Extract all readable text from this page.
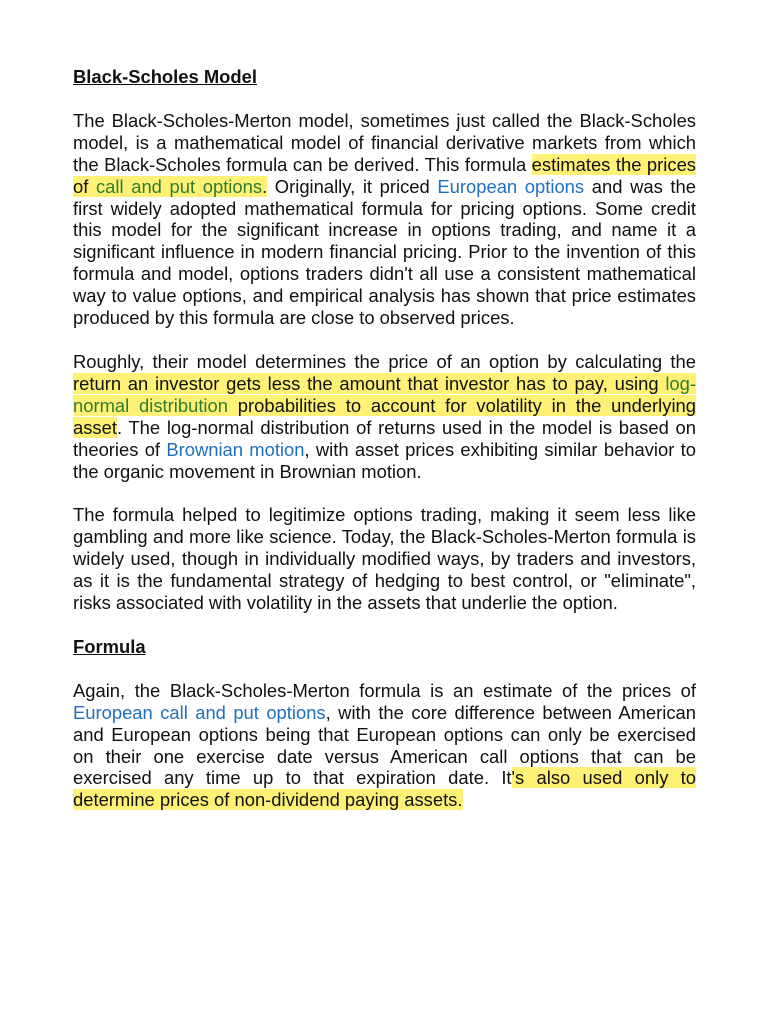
Black-Scholes Model

The Black-Scholes-Merton model, sometimes just called the Black-Scholes model, is a mathematical model of financial derivative markets from which the Black-Scholes formula can be derived. This formula estimates the prices of call and put options. Originally, it priced European options and was the first widely adopted mathematical formula for pricing options. Some credit this model for the significant increase in options trading, and name it a significant influence in modern financial pricing. Prior to the invention of this formula and model, options traders didn't all use a consistent mathematical way to value options, and empirical analysis has shown that price estimates produced by this formula are close to observed prices.

Roughly, their model determines the price of an option by calculating the return an investor gets less the amount that investor has to pay, using log-normal distribution probabilities to account for volatility in the underlying asset. The log-normal distribution of returns used in the model is based on theories of Brownian motion, with asset prices exhibiting similar behavior to the organic movement in Brownian motion.

The formula helped to legitimize options trading, making it seem less like gambling and more like science. Today, the Black-Scholes-Merton formula is widely used, though in individually modified ways, by traders and investors, as it is the fundamental strategy of hedging to best control, or "eliminate", risks associated with volatility in the assets that underlie the option.

Formula

Again, the Black-Scholes-Merton formula is an estimate of the prices of European call and put options, with the core difference between American and European options being that European options can only be exercised on their one exercise date versus American call options that can be exercised any time up to that expiration date. It's also used only to determine prices of non-dividend paying assets.
